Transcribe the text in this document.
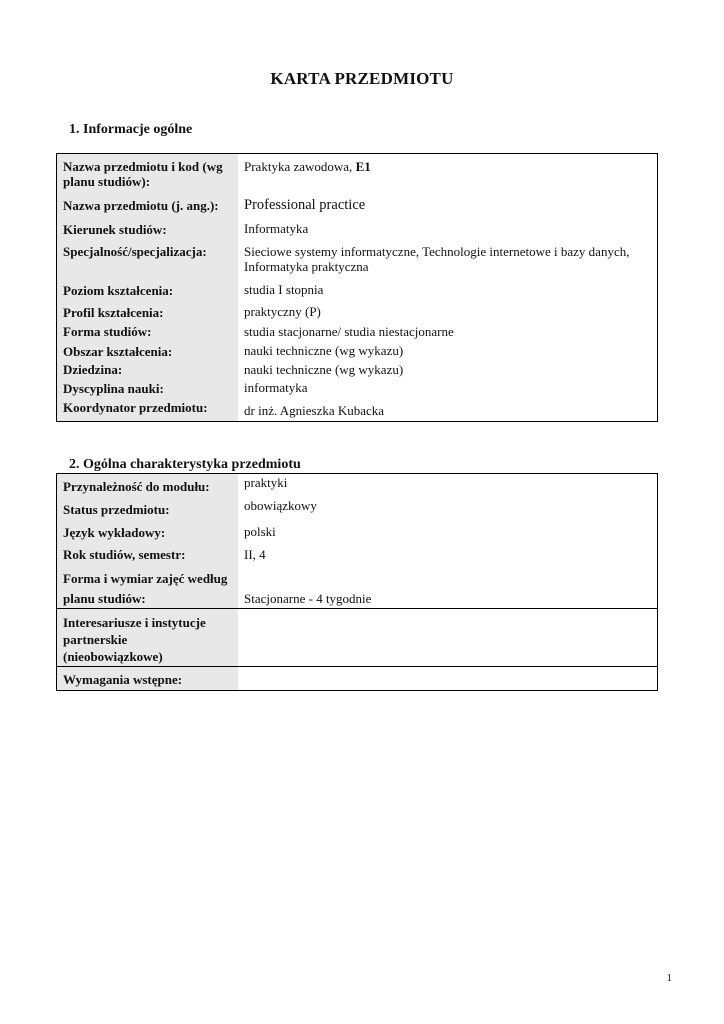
KARTA PRZEDMIOTU
1. Informacje ogólne
Nazwa przedmiotu i kod (wg planu studiów):
Praktyka zawodowa, E1
Nazwa przedmiotu (j. ang.):	Professional practice
Kierunek studiów:	Informatyka
Specjalność/specjalizacja:	Sieciowe systemy informatyczne, Technologie internetowe i bazy danych, Informatyka praktyczna
Poziom kształcenia:	studia I stopnia
Profil kształcenia:	praktyczny (P)
Forma studiów:	studia stacjonarne/ studia niestacjonarne
Obszar kształcenia:	nauki techniczne (wg wykazu)
Dziedzina:	nauki techniczne (wg wykazu)
Dyscyplina nauki:	informatyka
Koordynator przedmiotu:	dr inż. Agnieszka Kubacka
2. Ogólna charakterystyka przedmiotu
Przynależność do modułu:	praktyki
Status przedmiotu:	obowiązkowy
Język wykładowy:	polski
Rok studiów, semestr:	II, 4
Forma i wymiar zajęć według planu studiów:	Stacjonarne - 4 tygodnie
Interesariusze i instytucje partnerskie (nieobowiązkowe)
Wymagania wstępne:
1
